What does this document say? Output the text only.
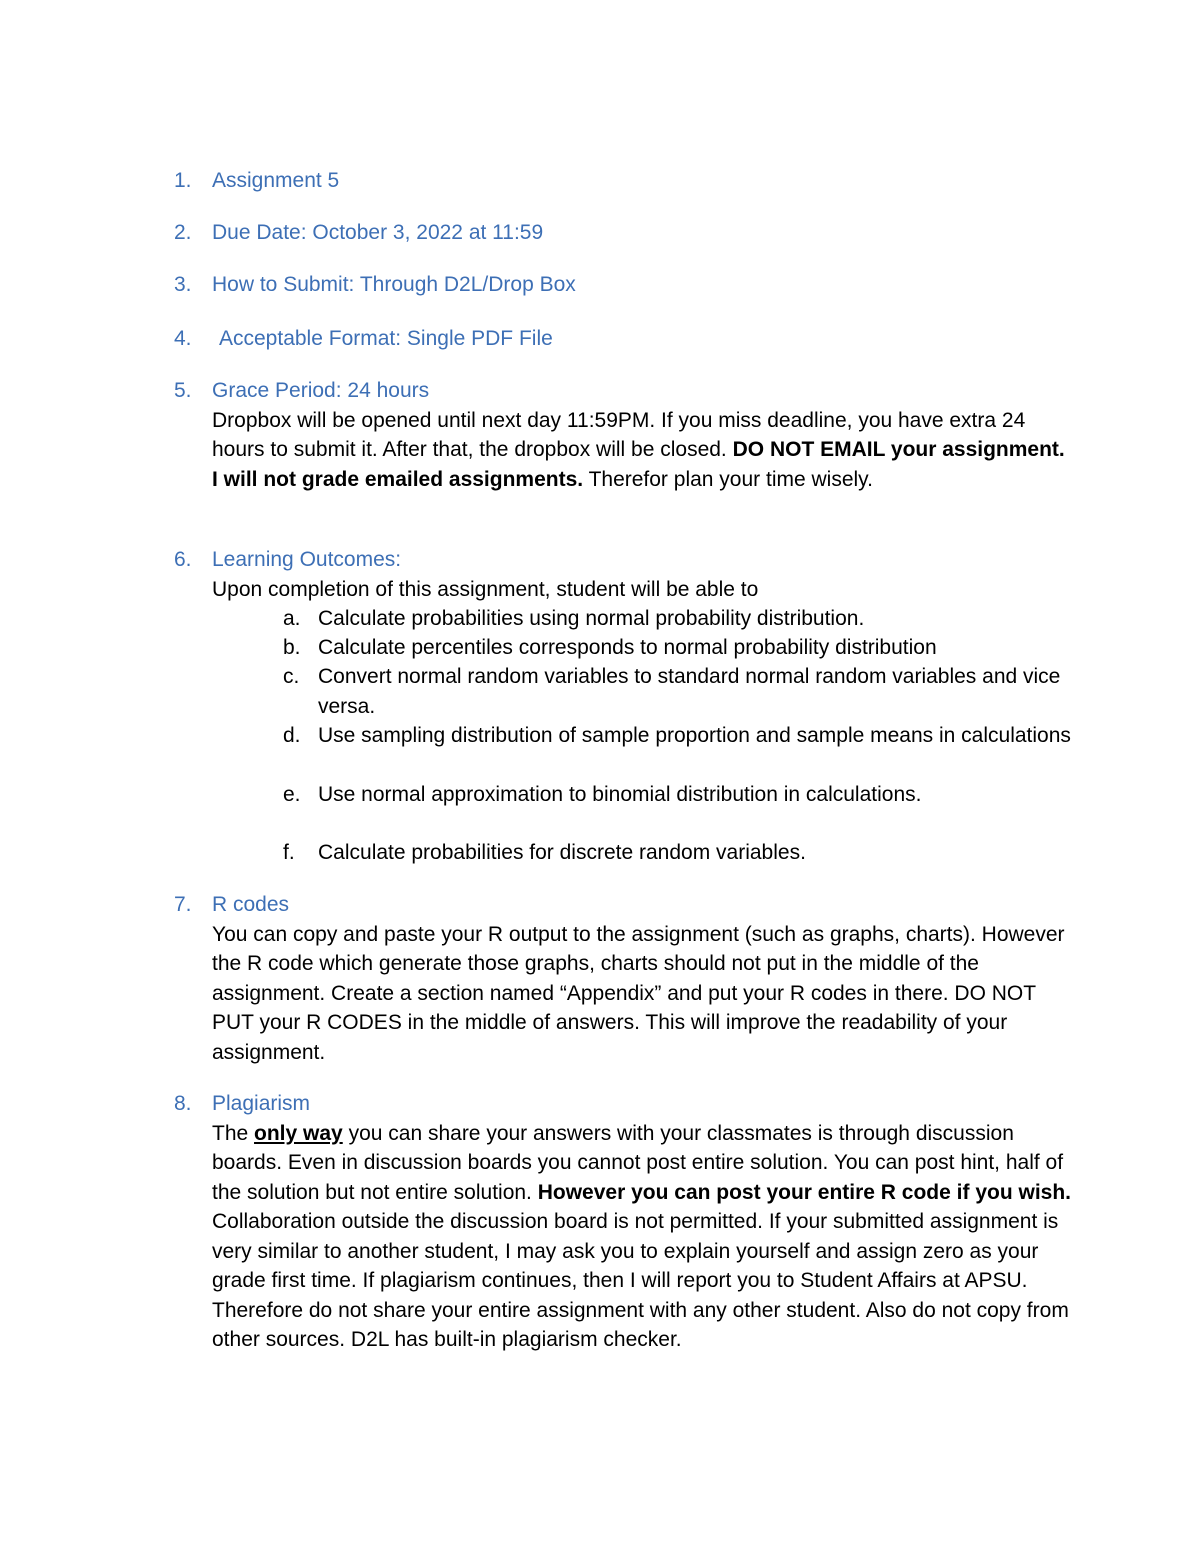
1. Assignment 5
2. Due Date: October 3, 2022 at 11:59
3. How to Submit: Through D2L/Drop Box
4. Acceptable Format: Single PDF File
5. Grace Period: 24 hours
Dropbox will be opened until next day 11:59PM. If you miss deadline, you have extra 24 hours to submit it. After that, the dropbox will be closed. DO NOT EMAIL your assignment. I will not grade emailed assignments. Therefor plan your time wisely.
6. Learning Outcomes:
Upon completion of this assignment, student will be able to
a. Calculate probabilities using normal probability distribution.
b. Calculate percentiles corresponds to normal probability distribution
c. Convert normal random variables to standard normal random variables and vice versa.
d. Use sampling distribution of sample proportion and sample means in calculations
e. Use normal approximation to binomial distribution in calculations.
f. Calculate probabilities for discrete random variables.
7. R codes
You can copy and paste your R output to the assignment (such as graphs, charts). However the R code which generate those graphs, charts should not put in the middle of the assignment. Create a section named “Appendix” and put your R codes in there. DO NOT PUT your R CODES in the middle of answers. This will improve the readability of your assignment.
8. Plagiarism
The only way you can share your answers with your classmates is through discussion boards. Even in discussion boards you cannot post entire solution. You can post hint, half of the solution but not entire solution. However you can post your entire R code if you wish. Collaboration outside the discussion board is not permitted. If your submitted assignment is very similar to another student, I may ask you to explain yourself and assign zero as your grade first time. If plagiarism continues, then I will report you to Student Affairs at APSU. Therefore do not share your entire assignment with any other student. Also do not copy from other sources. D2L has built-in plagiarism checker.
